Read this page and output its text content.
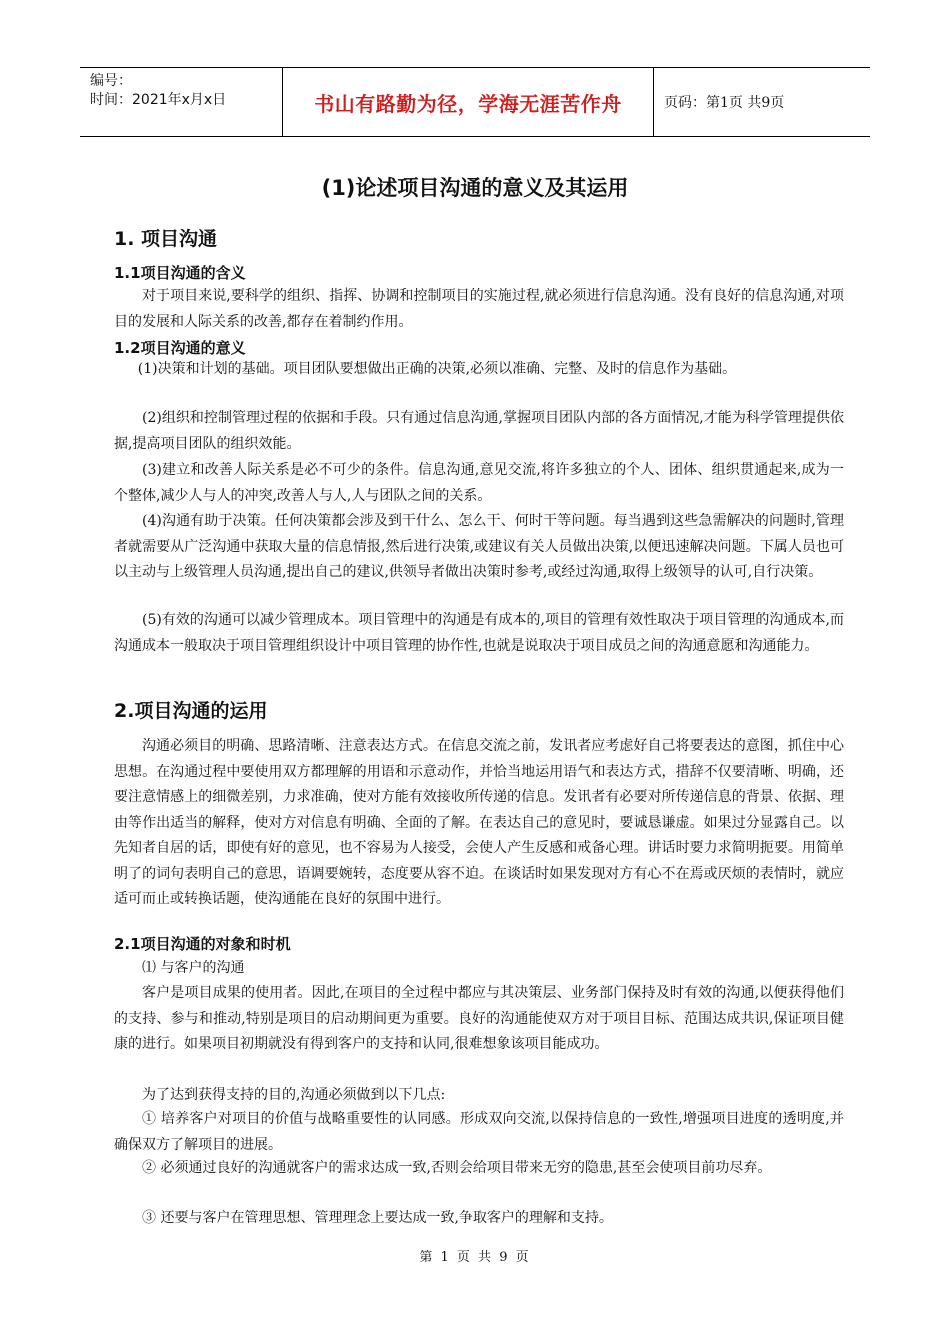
编号：
时间：2021年x月x日	书山有路勤为径，学海无涯苦作舟	页码：第1页 共9页
(1)论述项目沟通的意义及其运用
1. 项目沟通
1.1项目沟通的含义

对于项目来说,要科学的组织、指挥、协调和控制项目的实施过程,就必须进行信息沟通。没有良好的信息沟通,对项目的发展和人际关系的改善,都存在着制约作用。

1.2项目沟通的意义

(1)决策和计划的基础。项目团队要想做出正确的决策,必须以准确、完整、及时的信息作为基础。

(2)组织和控制管理过程的依据和手段。只有通过信息沟通,掌握项目团队内部的各方面情况,才能为科学管理提供依据,提高项目团队的组织效能。

(3)建立和改善人际关系是必不可少的条件。信息沟通,意见交流,将许多独立的个人、团体、组织贯通起来,成为一个整体,减少人与人的冲突,改善人与人,人与团队之间的关系。

(4)沟通有助于决策。任何决策都会涉及到干什么、怎么干、何时干等问题。每当遇到这些急需解决的问题时,管理者就需要从广泛沟通中获取大量的信息情报,然后进行决策,或建议有关人员做出决策,以便迅速解决问题。下属人员也可以主动与上级管理人员沟通,提出自己的建议,供领导者做出决策时参考,或经过沟通,取得上级领导的认可,自行决策。

(5)有效的沟通可以减少管理成本。项目管理中的沟通是有成本的,项目的管理有效性取决于项目管理的沟通成本,而沟通成本一般取决于项目管理组织设计中项目管理的协作性,也就是说取决于项目成员之间的沟通意愿和沟通能力。

2.项目沟通的运用

沟通必须目的明确、思路清晰、注意表达方式。在信息交流之前，发讯者应考虑好自己将要表达的意图，抓住中心思想。在沟通过程中要使用双方都理解的用语和示意动作，并恰当地运用语气和表达方式，措辞不仅要清晰、明确，还要注意情感上的细微差别，力求准确，使对方能有效接收所传递的信息。发讯者有必要对所传递信息的背景、依据、理由等作出适当的解释，使对方对信息有明确、全面的了解。在表达自己的意见时，要诚恳谦虚。如果过分显露自己。以先知者自居的话，即使有好的意见，也不容易为人接受，会使人产生反感和戒备心理。讲话时要力求简明扼要。用简单明了的词句表明自己的意思，语调要婉转，态度要从容不迫。在谈话时如果发现对方有心不在焉或厌烦的表情时，就应适可而止或转换话题，使沟通能在良好的氛围中进行。

2.1项目沟通的对象和时机

⑴ 与客户的沟通

客户是项目成果的使用者。因此,在项目的全过程中都应与其决策层、业务部门保持及时有效的沟通,以便获得他们的支持、参与和推动,特别是项目的启动期间更为重要。良好的沟通能使双方对于项目目标、范围达成共识,保证项目健康的进行。如果项目初期就没有得到客户的支持和认同,很难想象该项目能成功。

为了达到获得支持的目的,沟通必须做到以下几点:

① 培养客户对项目的价值与战略重要性的认同感。形成双向交流,以保持信息的一致性,增强项目进度的透明度,并确保双方了解项目的进展。

② 必须通过良好的沟通就客户的需求达成一致,否则会给项目带来无穷的隐患,甚至会使项目前功尽弃。

③ 还要与客户在管理思想、管理理念上要达成一致,争取客户的理解和支持。

第 1 页 共 9 页
